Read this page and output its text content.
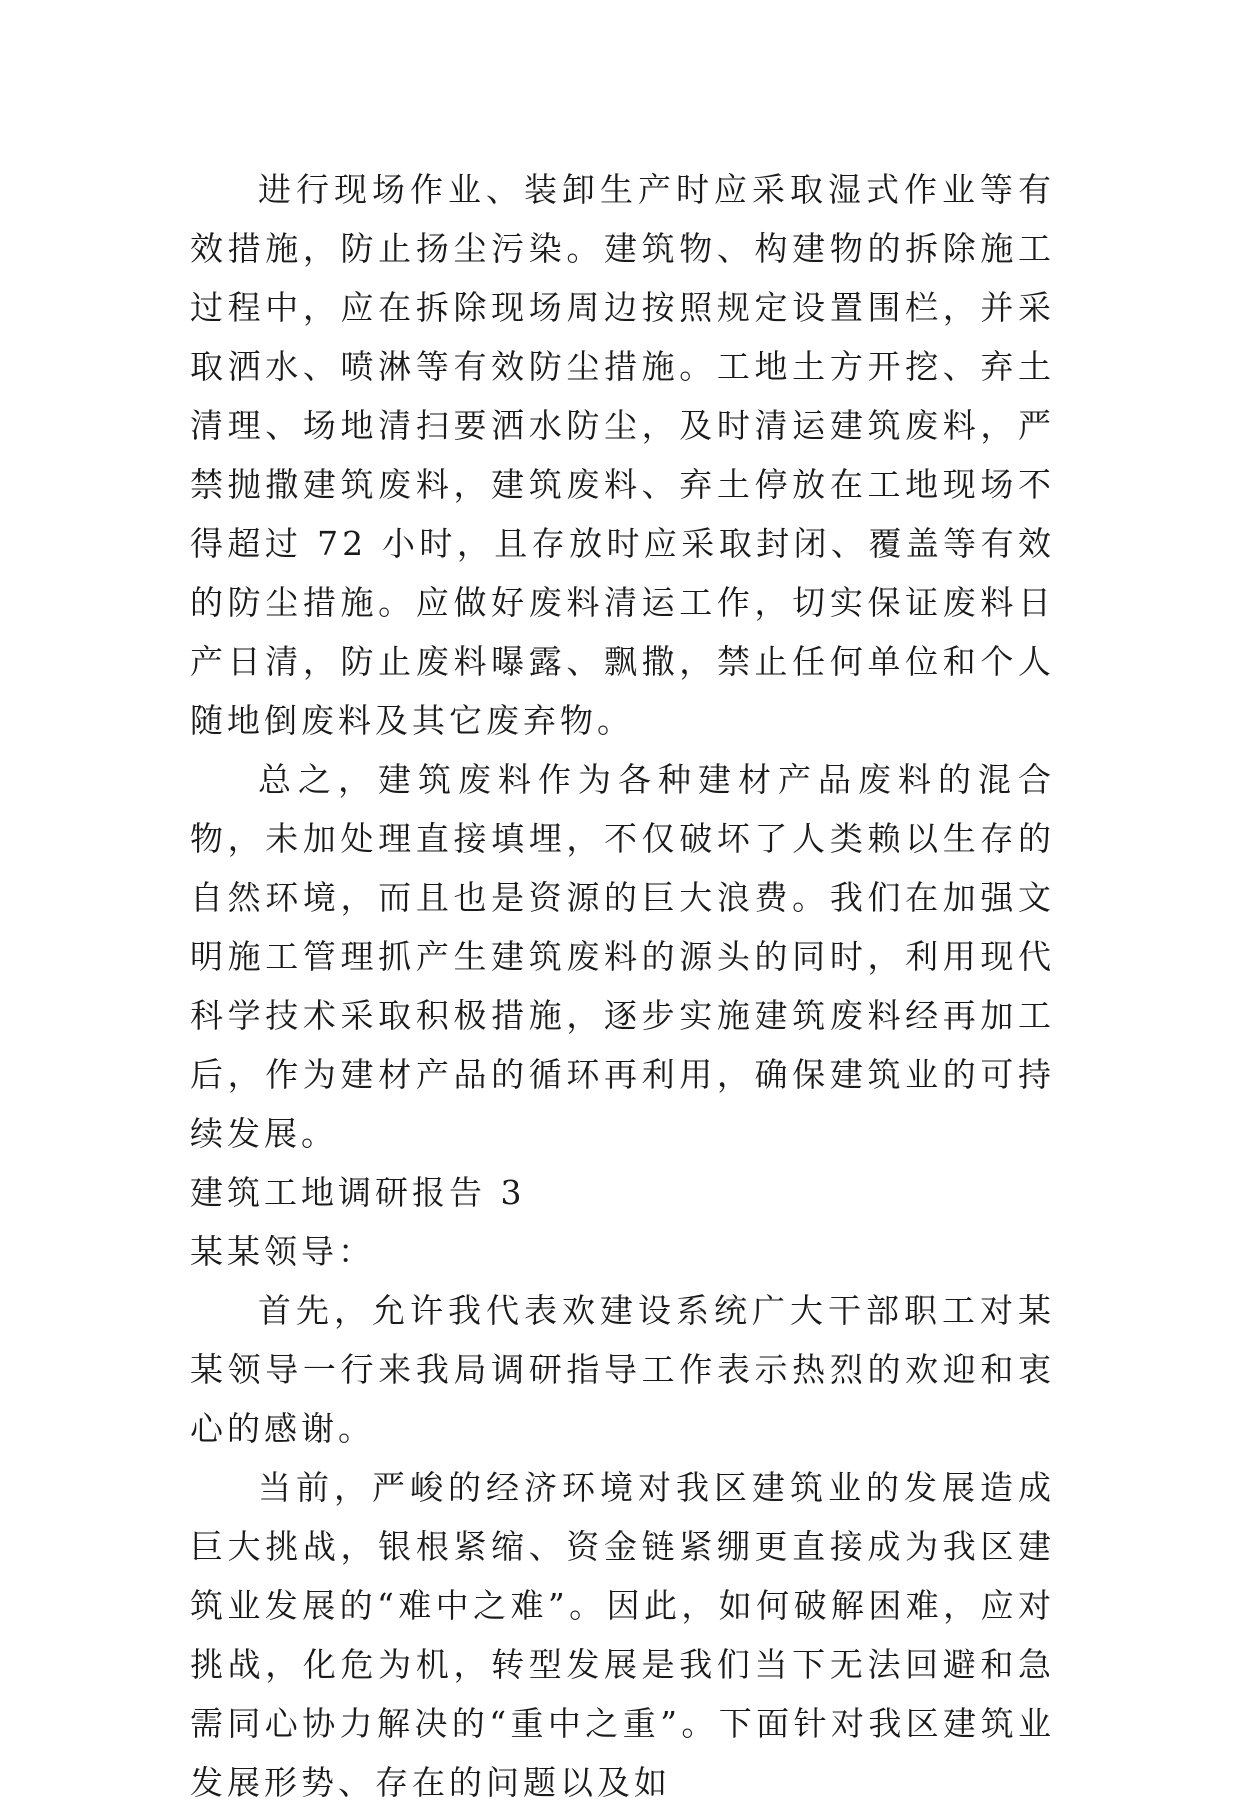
进行现场作业、装卸生产时应采取湿式作业等有效措施，防止扬尘污染。建筑物、构建物的拆除施工过程中，应在拆除现场周边按照规定设置围栏，并采取洒水、喷淋等有效防尘措施。工地土方开挖、弃土清理、场地清扫要洒水防尘，及时清运建筑废料，严禁抛撒建筑废料，建筑废料、弃土停放在工地现场不得超过 72 小时，且存放时应采取封闭、覆盖等有效的防尘措施。应做好废料清运工作，切实保证废料日产日清，防止废料曝露、飘撒，禁止任何单位和个人随地倒废料及其它废弃物。

总之，建筑废料作为各种建材产品废料的混合物，未加处理直接填埋，不仅破坏了人类赖以生存的自然环境，而且也是资源的巨大浪费。我们在加强文明施工管理抓产生建筑废料的源头的同时，利用现代科学技术采取积极措施，逐步实施建筑废料经再加工后，作为建材产品的循环再利用，确保建筑业的可持续发展。

建筑工地调研报告 3

某某领导：

首先，允许我代表欢建设系统广大干部职工对某某领导一行来我局调研指导工作表示热烈的欢迎和衷心的感谢。

当前，严峻的经济环境对我区建筑业的发展造成巨大挑战，银根紧缩、资金链紧绷更直接成为我区建筑业发展的“难中之难”。因此，如何破解困难，应对挑战，化危为机，转型发展是我们当下无法回避和急需同心协力解决的“重中之重”。下面针对我区建筑业发展形势、存在的问题以及如
